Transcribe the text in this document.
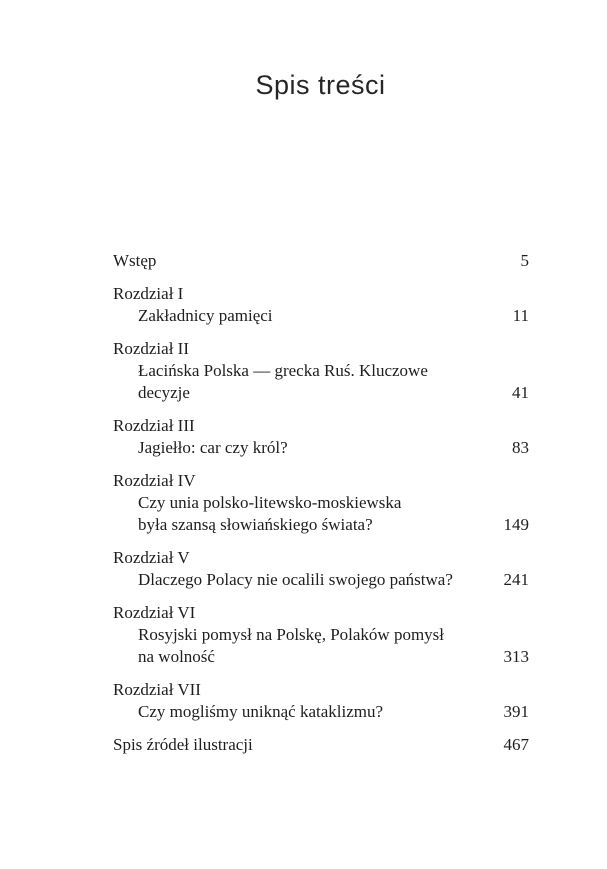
Spis treści
Wstęp	5
Rozdział I
Zakładnicy pamięci	11
Rozdział II
Łacińska Polska — grecka Ruś. Kluczowe
decyzje	41
Rozdział III
Jagiełło: car czy król?	83
Rozdział IV
Czy unia polsko-litewsko-moskiewska
była szansą słowiańskiego świata?	149
Rozdział V
Dlaczego Polacy nie ocalili swojego państwa?	241
Rozdział VI
Rosyjski pomysł na Polskę, Polaków pomysł
na wolność	313
Rozdział VII
Czy mogliśmy uniknąć kataklizmu?	391
Spis źródeł ilustracji	467
